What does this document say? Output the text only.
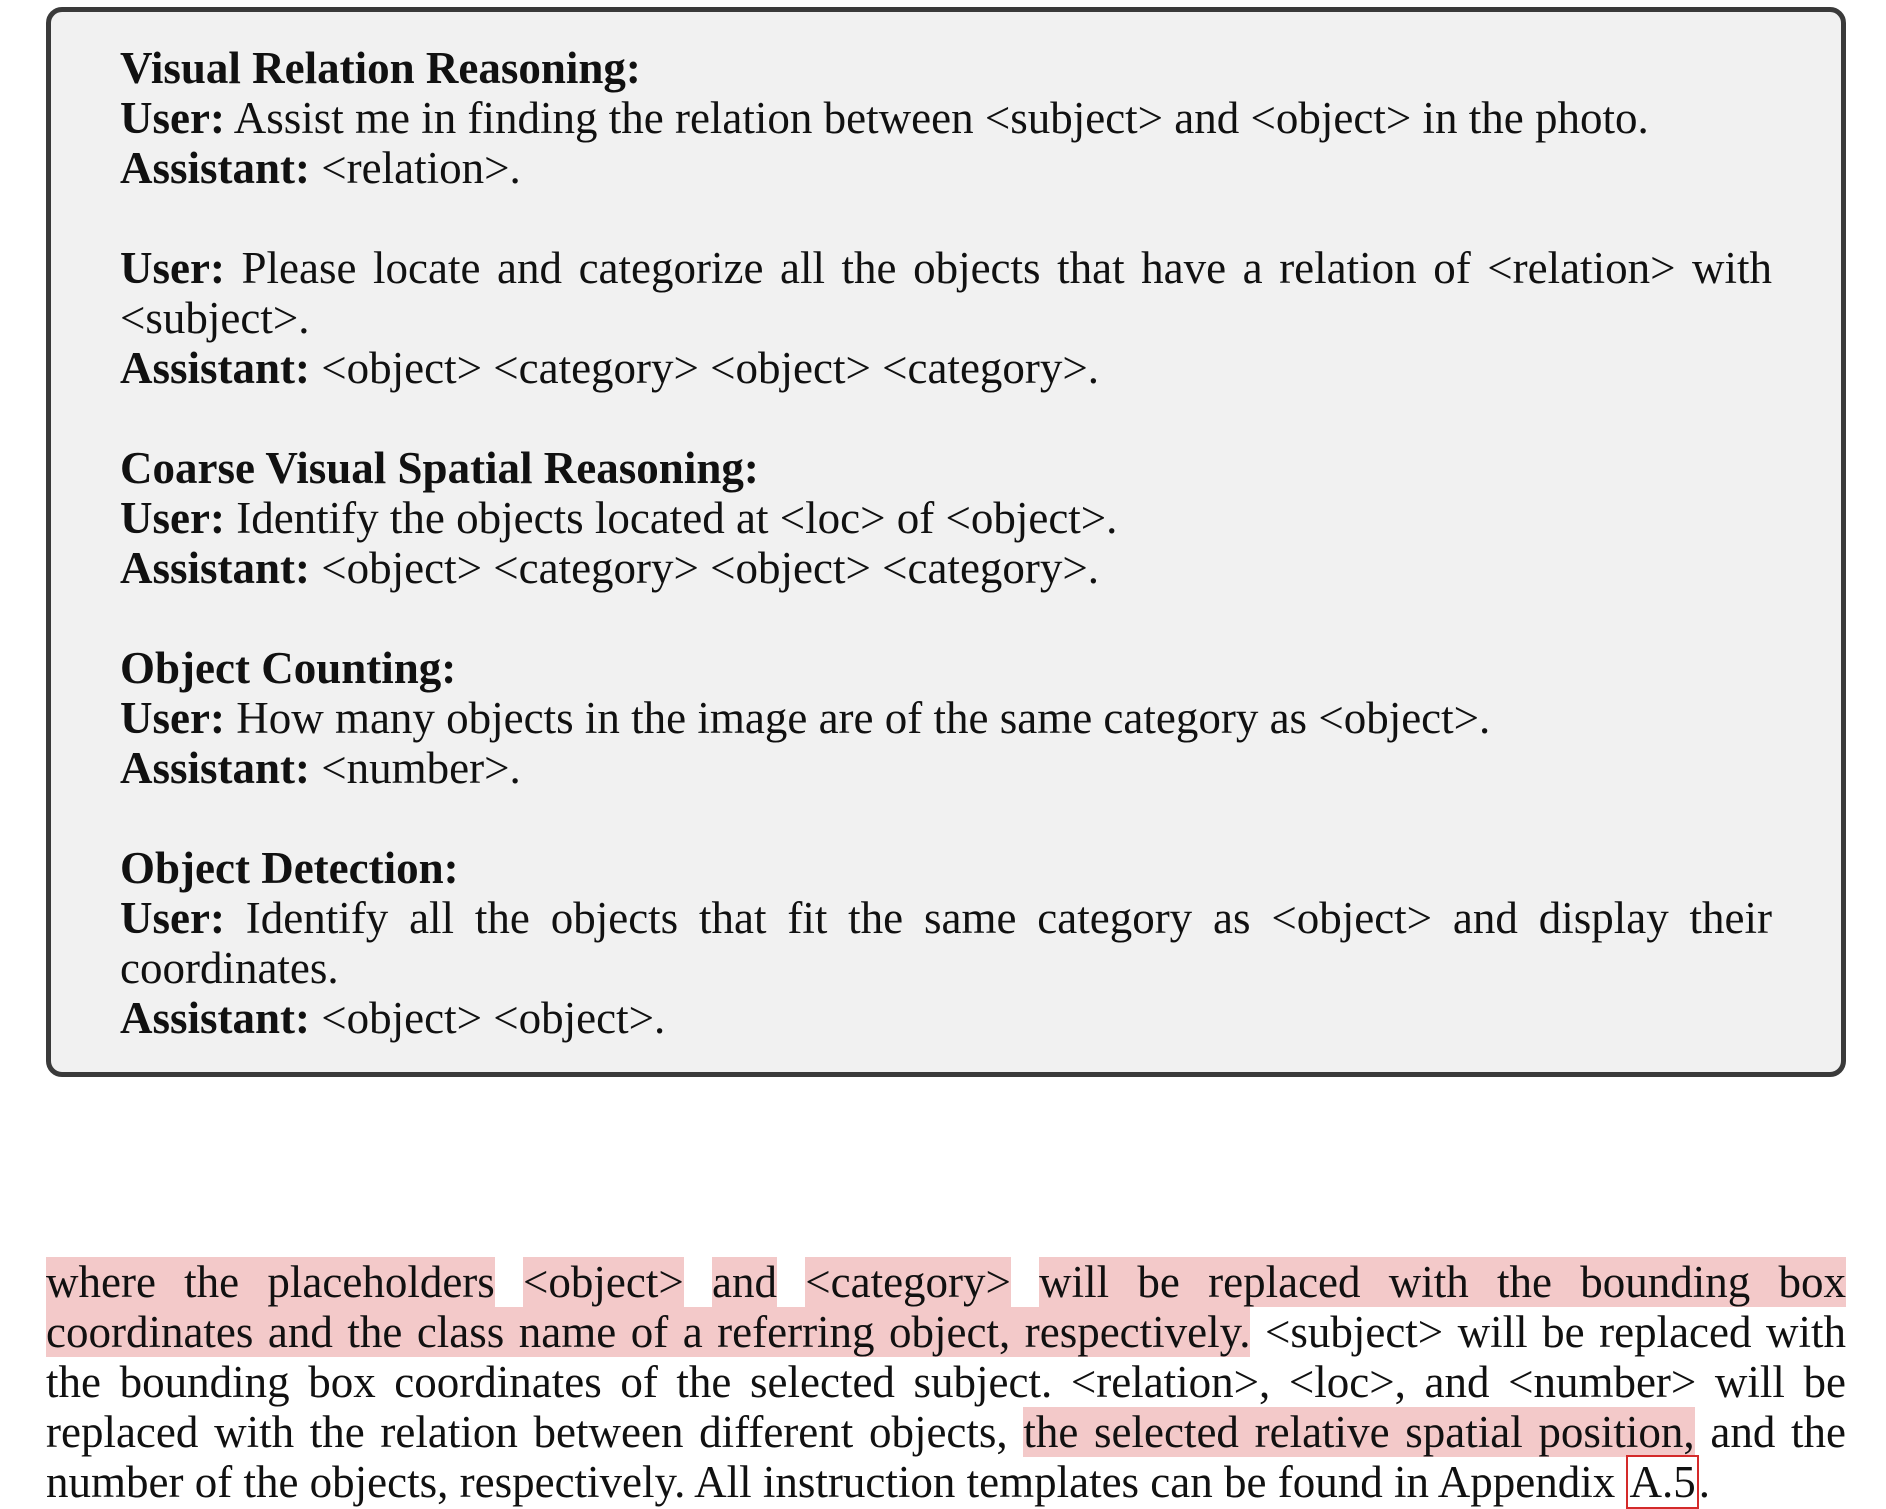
Visual Relation Reasoning:
User: Assist me in finding the relation between <subject> and <object> in the photo.
Assistant: <relation>.
User: Please locate and categorize all the objects that have a relation of <relation> with <subject>.
Assistant: <object> <category> <object> <category>.
Coarse Visual Spatial Reasoning:
User: Identify the objects located at <loc> of <object>.
Assistant: <object> <category> <object> <category>.
Object Counting:
User: How many objects in the image are of the same category as <object>.
Assistant: <number>.
Object Detection:
User: Identify all the objects that fit the same category as <object> and display their coordinates.
Assistant: <object> <object>.

where the placeholders <object> and <category> will be replaced with the bounding box coordinates and the class name of a referring object, respectively. <subject> will be replaced with the bounding box coordinates of the selected subject. <relation>, <loc>, and <number> will be replaced with the relation between different objects, the selected relative spatial position, and the number of the objects, respectively. All instruction templates can be found in Appendix A.5.
